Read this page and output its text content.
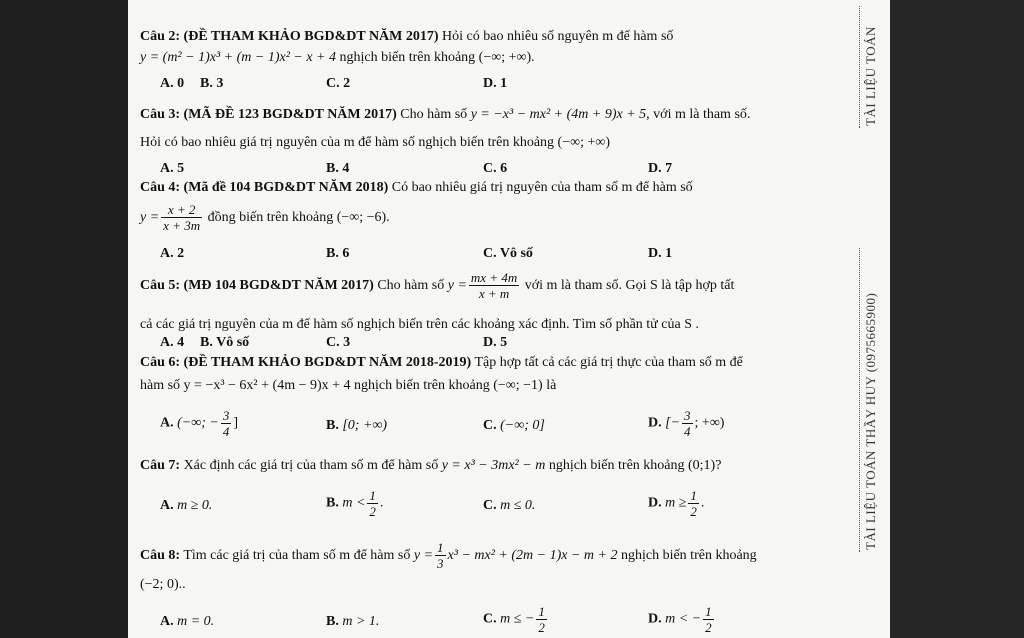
Câu 2: (ĐỀ THAM KHẢO BGD&DT NĂM 2017) Hỏi có bao nhiêu số nguyên m để hàm số
y = (m² − 1)x³ + (m − 1)x² − x + 4 nghịch biến trên khoảng (−∞; +∞).
A. 0 B. 3	C. 2	D. 1
Câu 3: (MÃ ĐỀ 123 BGD&DT NĂM 2017) Cho hàm số y = −x³ − mx² + (4m + 9)x + 5, với m là tham số.
Hỏi có bao nhiêu giá trị nguyên của m để hàm số nghịch biến trên khoảng (−∞; +∞)
A. 5	B. 4	C. 6	D. 7
Câu 4: (Mã đề 104 BGD&DT NĂM 2018) Có bao nhiêu giá trị nguyên của tham số m để hàm số
$y = \frac{x + 2}{x + 3m}$ đồng biến trên khoảng (−∞; −6).
A. 2	B. 6	C. Vô số	D. 1
Câu 5: (MĐ 104 BGD&DT NĂM 2017) Cho hàm số $y = \frac{mx + 4m}{x + m}$ với m là tham số. Gọi S là tập hợp tất
cả các giá trị nguyên của m để hàm số nghịch biến trên các khoảng xác định. Tìm số phần tử của S .
A. 4 B. Vô số	C. 3	D. 5
Câu 6: (ĐỀ THAM KHẢO BGD&DT NĂM 2018-2019) Tập hợp tất cả các giá trị thực của tham số m để
hàm số y = −x³ − 6x² + (4m − 9)x + 4 nghịch biến trên khoảng (−∞; −1) là
A. (−∞; − $\frac{3}{4}$ ]	B. [0; +∞)	C. (−∞; 0]	D. [− $\frac{3}{4}$ ; +∞)
Câu 7: Xác định các giá trị của tham số m để hàm số y = x³ − 3mx² − m nghịch biến trên khoảng (0;1)?
A. m ≥ 0.	B. $m < \frac{1}{2}$ .	C. m ≤ 0.	D. $m \ge \frac{1}{2}$ .
Câu 8: Tìm các giá trị của tham số m để hàm số $y = \frac{1}{3} x^3 - mx^2 + (2m - 1)x - m + 2$ nghịch biến trên khoảng
(−2; 0)..
A. m = 0.	B. m > 1.	C. m ≤ − $\frac{1}{2}$	D. m < − $\frac{1}{2}$
TÀI LIỆU TOÁN
TÀI LIỆU TOÁN THẦY HUY (0975665900)
